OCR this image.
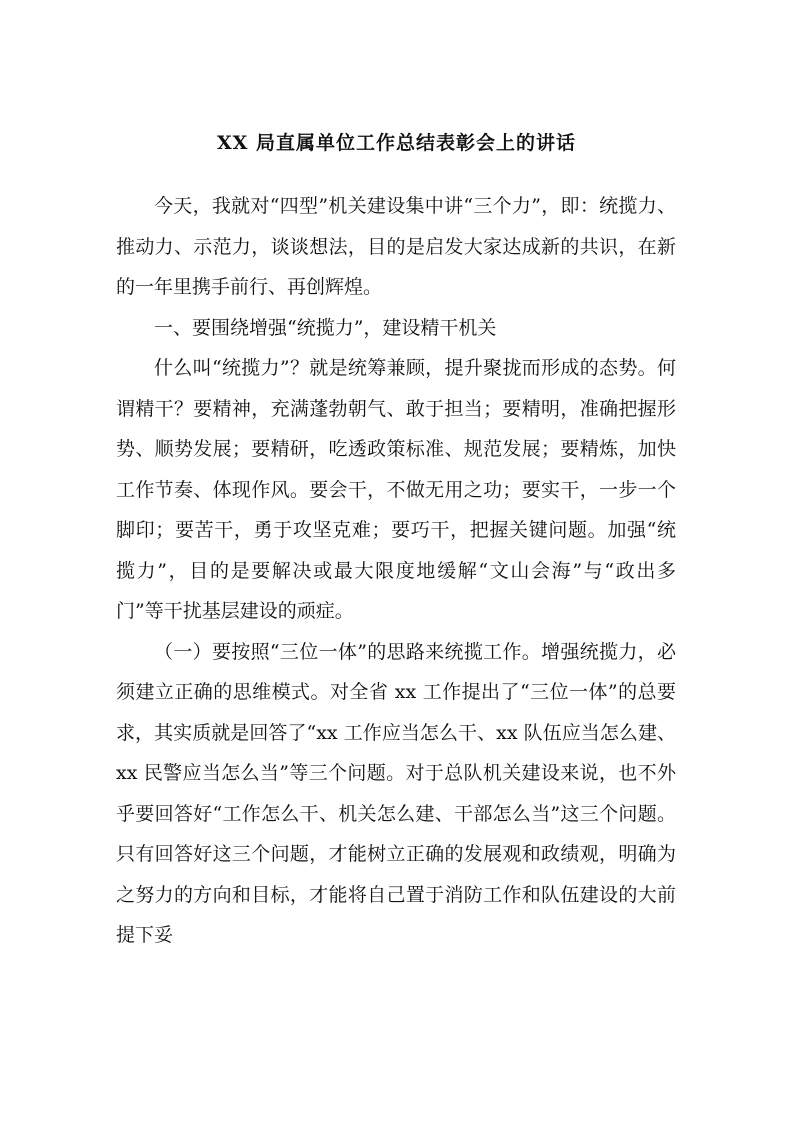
XX 局直属单位工作总结表彰会上的讲话

今天，我就对“四型”机关建设集中讲“三个力”，即：统揽力、推动力、示范力，谈谈想法，目的是启发大家达成新的共识，在新的一年里携手前行、再创辉煌。

一、要围绕增强“统揽力”，建设精干机关

什么叫“统揽力”？就是统筹兼顾，提升聚拢而形成的态势。何谓精干？要精神，充满蓬勃朝气、敢于担当；要精明，准确把握形势、顺势发展；要精研，吃透政策标准、规范发展；要精炼，加快工作节奏、体现作风。要会干，不做无用之功；要实干，一步一个脚印；要苦干，勇于攻坚克难；要巧干，把握关键问题。加强“统揽力”，目的是要解决或最大限度地缓解“文山会海”与“政出多门”等干扰基层建设的顽症。

（一）要按照“三位一体”的思路来统揽工作。增强统揽力，必须建立正确的思维模式。对全省 xx 工作提出了“三位一体”的总要求，其实质就是回答了“xx 工作应当怎么干、xx 队伍应当怎么建、xx 民警应当怎么当”等三个问题。对于总队机关建设来说，也不外乎要回答好“工作怎么干、机关怎么建、干部怎么当”这三个问题。只有回答好这三个问题，才能树立正确的发展观和政绩观，明确为之努力的方向和目标，才能将自己置于消防工作和队伍建设的大前提下妥
